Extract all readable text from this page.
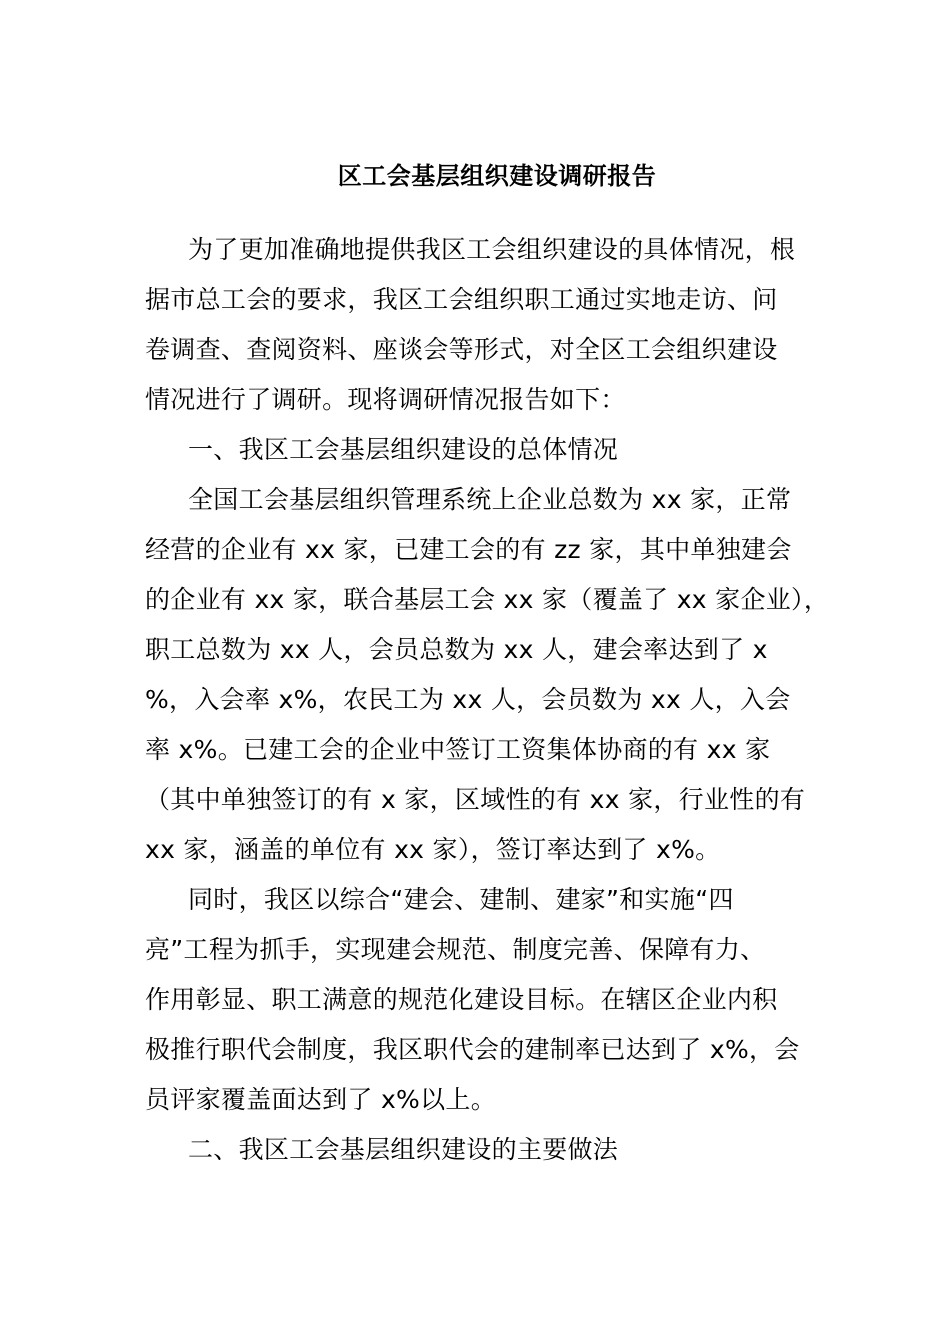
区工会基层组织建设调研报告
为了更加准确地提供我区工会组织建设的具体情况，根
据市总工会的要求，我区工会组织职工通过实地走访、问
卷调查、查阅资料、座谈会等形式，对全区工会组织建设
情况进行了调研。现将调研情况报告如下：
一、我区工会基层组织建设的总体情况
全国工会基层组织管理系统上企业总数为 xx 家，正常
经营的企业有 xx 家，已建工会的有 zz 家，其中单独建会
的企业有 xx 家，联合基层工会 xx 家（覆盖了 xx 家企业），
职工总数为 xx 人，会员总数为 xx 人，建会率达到了 x
%，入会率 x%，农民工为 xx 人，会员数为 xx 人，入会
率 x%。已建工会的企业中签订工资集体协商的有 xx 家
（其中单独签订的有 x 家，区域性的有 xx 家，行业性的有
xx 家，涵盖的单位有 xx 家），签订率达到了 x%。
同时，我区以综合“建会、建制、建家”和实施“四
亮”工程为抓手，实现建会规范、制度完善、保障有力、
作用彰显、职工满意的规范化建设目标。在辖区企业内积
极推行职代会制度，我区职代会的建制率已达到了 x%，会
员评家覆盖面达到了 x%以上。
二、我区工会基层组织建设的主要做法
